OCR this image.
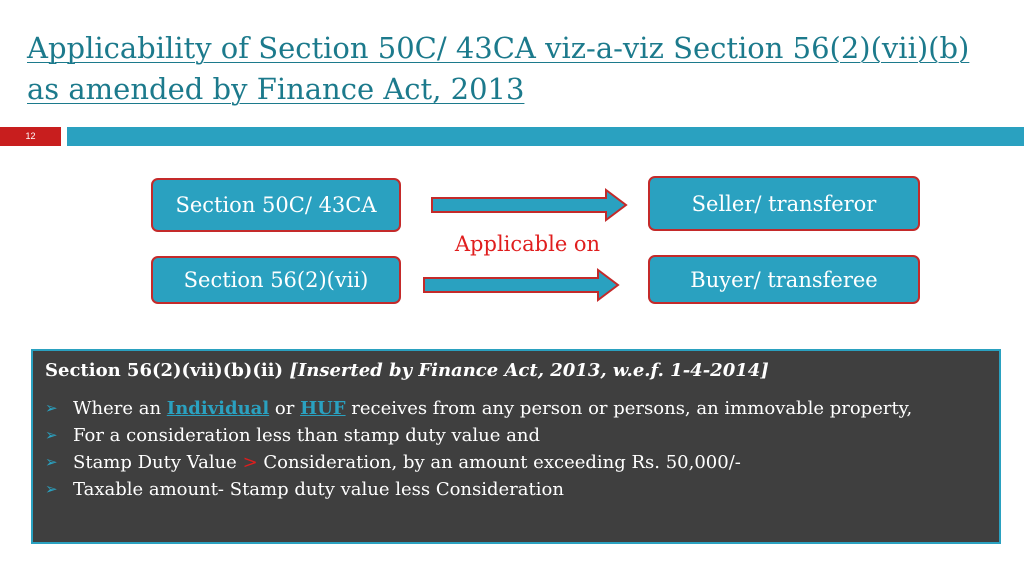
Applicability of Section 50C/ 43CA viz-a-viz Section 56(2)(vii)(b)
as amended by Finance Act, 2013
12
Section 50C/ 43CA
Section 56(2)(vii)
Seller/ transferor
Buyer/ transferee
Applicable on
Section 56(2)(vii)(b)(ii) [Inserted by Finance Act, 2013, w.e.f. 1-4-2014]
➢ Where an Individual or HUF receives from any person or persons, an immovable property,
➢ For a consideration less than stamp duty value and
➢ Stamp Duty Value > Consideration, by an amount exceeding Rs. 50,000/-
➢ Taxable amount- Stamp duty value less Consideration
